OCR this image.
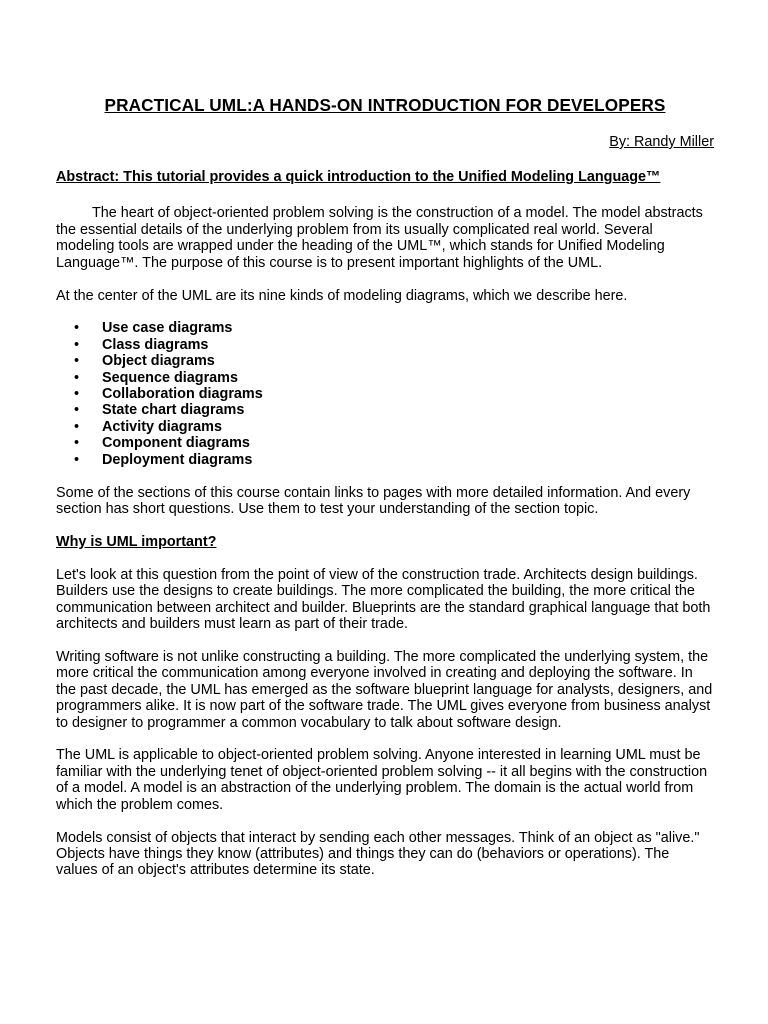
PRACTICAL UML:A HANDS-ON INTRODUCTION FOR DEVELOPERS

By: Randy Miller

Abstract: This tutorial provides a quick introduction to the Unified Modeling Language™

The heart of object-oriented problem solving is the construction of a model. The model abstracts the essential details of the underlying problem from its usually complicated real world. Several modeling tools are wrapped under the heading of the UML™, which stands for Unified Modeling Language™. The purpose of this course is to present important highlights of the UML.

At the center of the UML are its nine kinds of modeling diagrams, which we describe here.

• Use case diagrams
• Class diagrams
• Object diagrams
• Sequence diagrams
• Collaboration diagrams
• State chart diagrams
• Activity diagrams
• Component diagrams
• Deployment diagrams

Some of the sections of this course contain links to pages with more detailed information. And every section has short questions. Use them to test your understanding of the section topic.

Why is UML important?

Let's look at this question from the point of view of the construction trade. Architects design buildings. Builders use the designs to create buildings. The more complicated the building, the more critical the communication between architect and builder. Blueprints are the standard graphical language that both architects and builders must learn as part of their trade.

Writing software is not unlike constructing a building. The more complicated the underlying system, the more critical the communication among everyone involved in creating and deploying the software. In the past decade, the UML has emerged as the software blueprint language for analysts, designers, and programmers alike. It is now part of the software trade. The UML gives everyone from business analyst to designer to programmer a common vocabulary to talk about software design.

The UML is applicable to object-oriented problem solving. Anyone interested in learning UML must be familiar with the underlying tenet of object-oriented problem solving -- it all begins with the construction of a model. A model is an abstraction of the underlying problem. The domain is the actual world from which the problem comes.

Models consist of objects that interact by sending each other messages. Think of an object as "alive." Objects have things they know (attributes) and things they can do (behaviors or operations). The values of an object's attributes determine its state.
